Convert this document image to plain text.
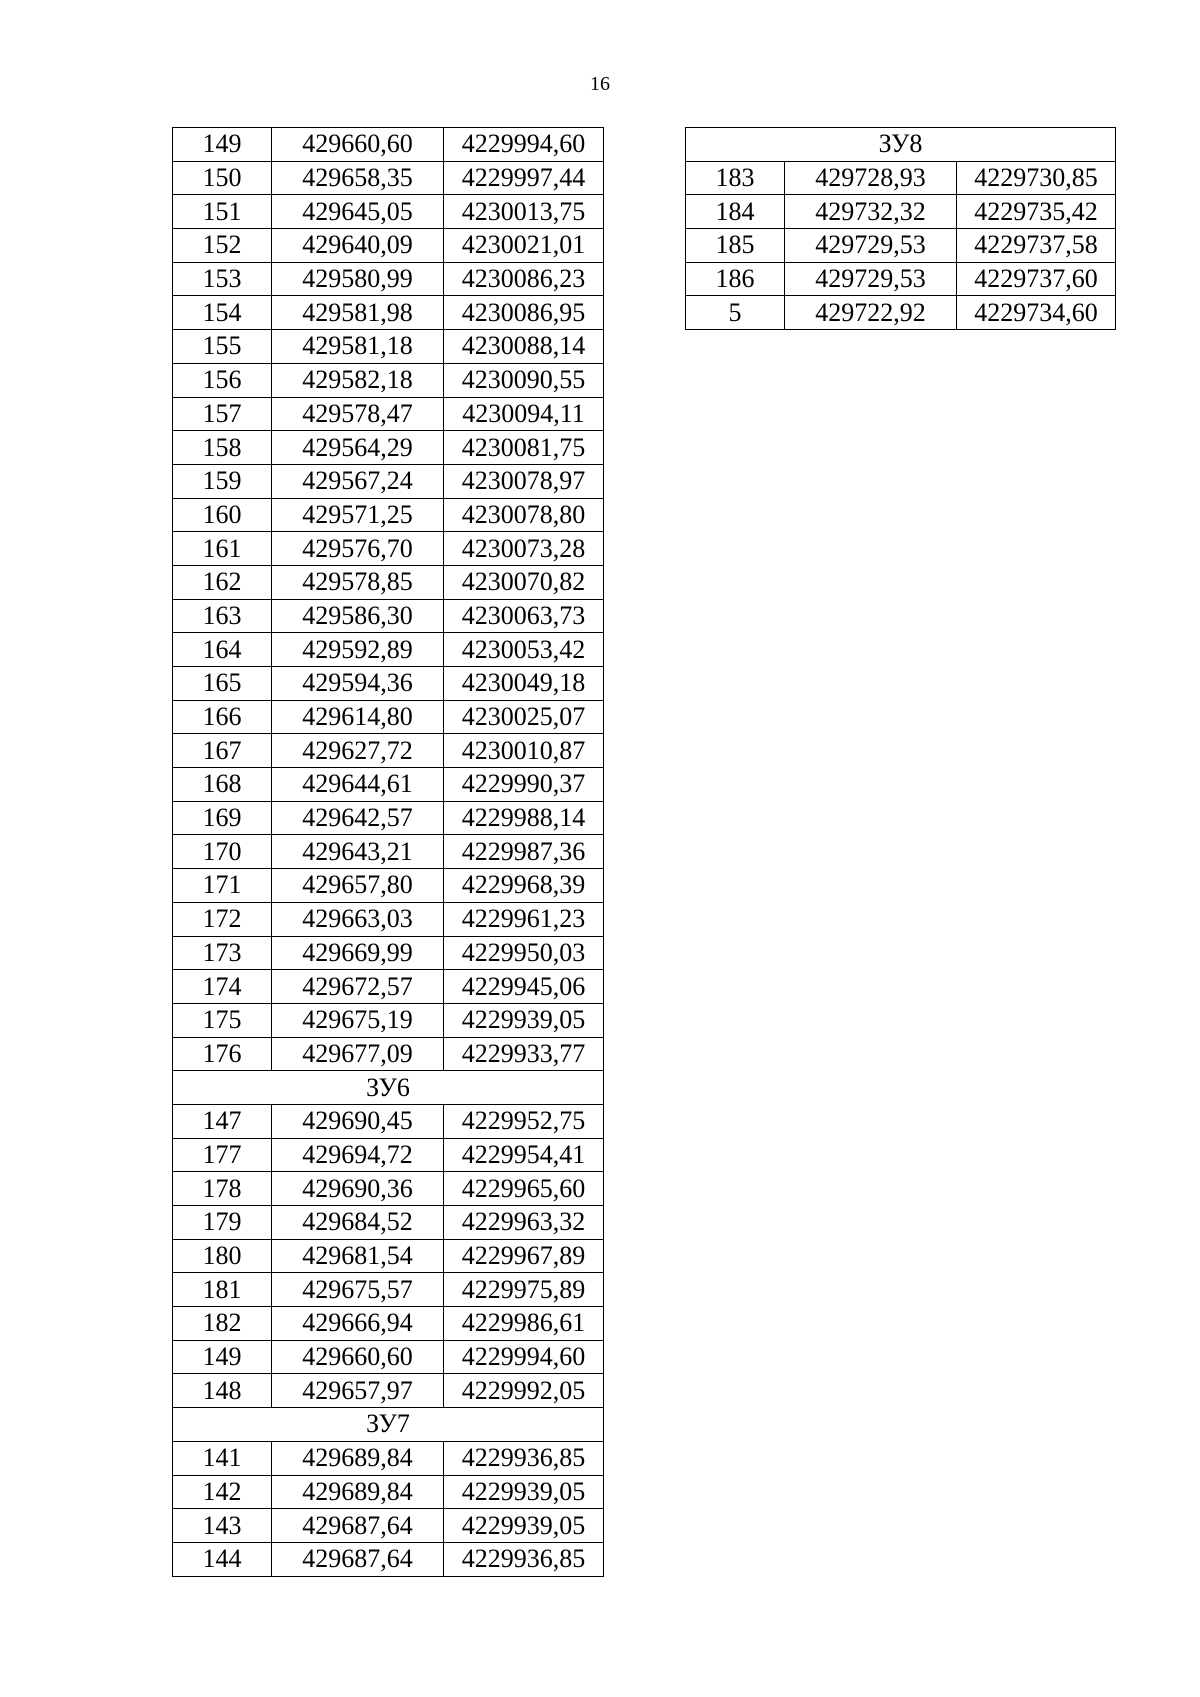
16
149	429660,60	4229994,60
150	429658,35	4229997,44
151	429645,05	4230013,75
152	429640,09	4230021,01
153	429580,99	4230086,23
154	429581,98	4230086,95
155	429581,18	4230088,14
156	429582,18	4230090,55
157	429578,47	4230094,11
158	429564,29	4230081,75
159	429567,24	4230078,97
160	429571,25	4230078,80
161	429576,70	4230073,28
162	429578,85	4230070,82
163	429586,30	4230063,73
164	429592,89	4230053,42
165	429594,36	4230049,18
166	429614,80	4230025,07
167	429627,72	4230010,87
168	429644,61	4229990,37
169	429642,57	4229988,14
170	429643,21	4229987,36
171	429657,80	4229968,39
172	429663,03	4229961,23
173	429669,99	4229950,03
174	429672,57	4229945,06
175	429675,19	4229939,05
176	429677,09	4229933,77
ЗУ6		
147	429690,45	4229952,75
177	429694,72	4229954,41
178	429690,36	4229965,60
179	429684,52	4229963,32
180	429681,54	4229967,89
181	429675,57	4229975,89
182	429666,94	4229986,61
149	429660,60	4229994,60
148	429657,97	4229992,05
ЗУ7		
141	429689,84	4229936,85
142	429689,84	4229939,05
143	429687,64	4229939,05
144	429687,64	4229936,85
ЗУ8		
183	429728,93	4229730,85
184	429732,32	4229735,42
185	429729,53	4229737,58
186	429729,53	4229737,60
5	429722,92	4229734,60
